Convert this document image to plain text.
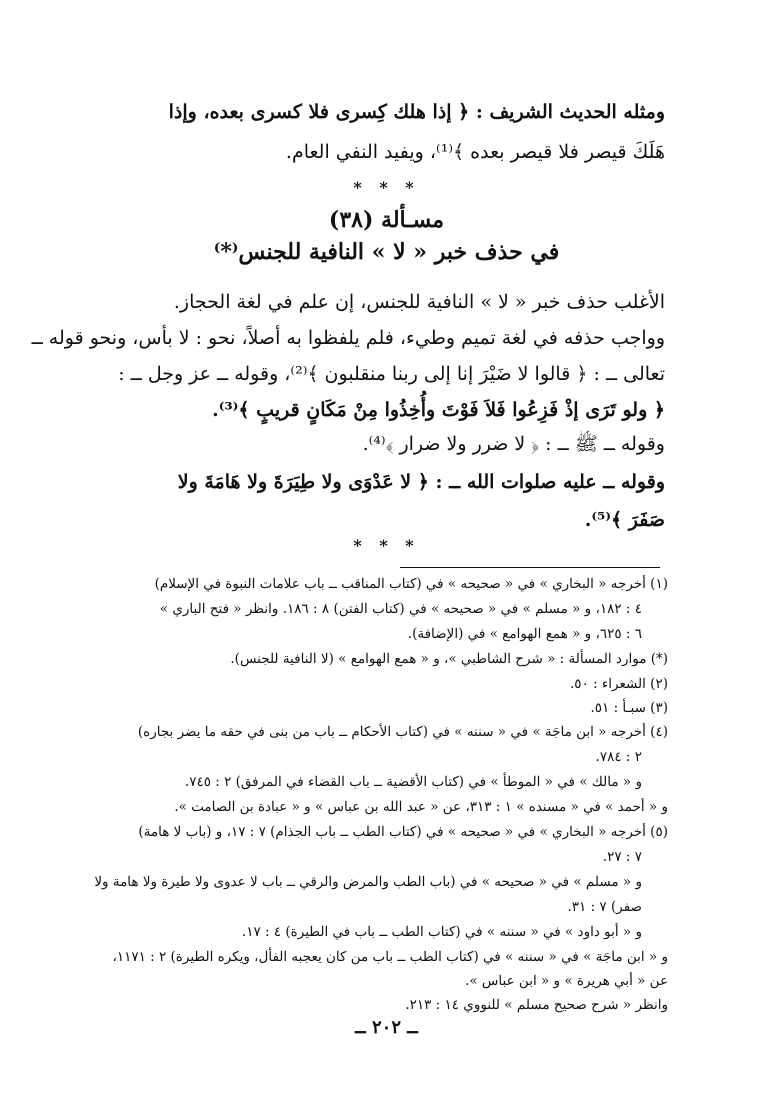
ومثله الحديث الشريف : ﴿ إذا هلك كِسرى فلا كسرى بعده، وإذا
هَلَكَ قيصر فلا قيصر بعده ﴾⁽¹⁾، ويفيد النفي العام.
* * *
مسـألة (٣٨)
في حذف خبر « لا » النافية للجنس⁽*⁾
الأغلب حذف خبر « لا » النافية للجنس، إن علم في لغة الحجاز.
وواجب حذفه في لغة تميم وطيء، فلم يلفظوا به أصلاً، نحو : لا بأس، ونحو قوله ــ
تعالى ــ : ﴿ قالوا لا ضَيْرَ إنا إلى ربنا منقلبون ﴾⁽²⁾، وقوله ــ عز وجل ــ :
﴿ ولو تَرَى إذْ فَزِعُوا فَلاَ فَوْتَ وأُخِذُوا مِنْ مَكَانٍ قريبٍ ﴾⁽³⁾.
وقوله ــ ﷺ ــ : ﴿ لا ضرر ولا ضرار ﴾⁽⁴⁾.
وقوله ــ عليه صلوات الله ــ : ﴿ لا عَدْوَى ولا طِيَرَةَ ولا هَامَةَ ولا
صَفَرَ ﴾⁽⁵⁾.
* * *
(١) أخرجه « البخاري » في « صحيحه » في (كتاب المناقب ــ باب علامات النبوة في الإسلام)
٤ : ١٨٢، و « مسلم » في « صحيحه » في (كتاب الفتن) ٨ : ١٨٦. وانظر « فتح الباري »
٦ : ٦٢٥، و « همع الهوامع » في (الإضافة).
(*) موارد المسألة : « شرح الشاطبي »، و « همع الهوامع » (لا النافية للجنس).
(٢) الشعراء : ٥٠.
(٣) سبـأ : ٥١.
(٤) أخرجه « ابن ماجَة » في « سننه » في (كتاب الأحكام ــ باب من بنى في حقه ما يضر بجاره)
٢ : ٧٨٤.
و « مالك » في « الموطأ » في (كتاب الأقضية ــ باب القضاء في المرفق) ٢ : ٧٤٥.
و « أحمد » في « مسنده » ١ : ٣١٣، عن « عبد الله بن عباس » و « عبادة بن الصامت ».
(٥) أخرجه « البخاري » في « صحيحه » في (كتاب الطب ــ باب الجذام) ٧ : ١٧، و (باب لا هامة)
٧ : ٢٧.
و « مسلم » في « صحيحه » في (باب الطب والمرض والرقي ــ باب لا عدوى ولا طيرة ولا هامة ولا
صفر) ٧ : ٣١.
و « أبو داود » في « سننه » في (كتاب الطب ــ باب في الطيرة) ٤ : ١٧.
و « ابن ماجَة » في « سننه » في (كتاب الطب ــ باب من كان يعجبه الفأل، ويكره الطيرة) ٢ : ١١٧١،
عن « أبي هريرة » و « ابن عباس ».
وانظر « شرح صحيح مسلم » للنووي ١٤ : ٢١٣.
ــ ٢٠٢ ــ
